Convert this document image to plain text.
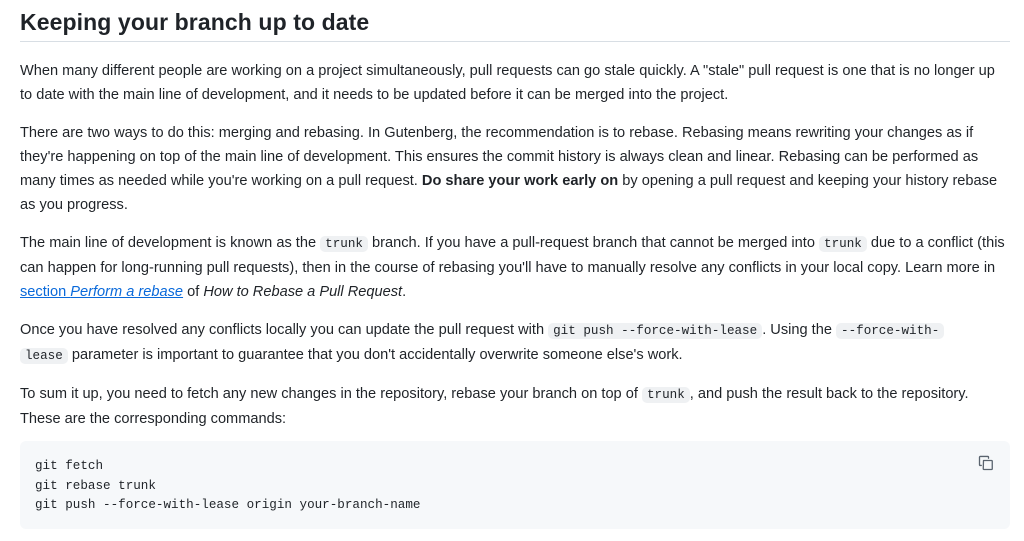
Keeping your branch up to date

When many different people are working on a project simultaneously, pull requests can go stale quickly. A "stale" pull request is one that is no longer up to date with the main line of development, and it needs to be updated before it can be merged into the project.

There are two ways to do this: merging and rebasing. In Gutenberg, the recommendation is to rebase. Rebasing means rewriting your changes as if they're happening on top of the main line of development. This ensures the commit history is always clean and linear. Rebasing can be performed as many times as needed while you're working on a pull request. Do share your work early on by opening a pull request and keeping your history rebase as you progress.

The main line of development is known as the trunk branch. If you have a pull-request branch that cannot be merged into trunk due to a conflict (this can happen for long-running pull requests), then in the course of rebasing you'll have to manually resolve any conflicts in your local copy. Learn more in section Perform a rebase of How to Rebase a Pull Request.

Once you have resolved any conflicts locally you can update the pull request with git push --force-with-lease . Using the --force-with-
lease parameter is important to guarantee that you don't accidentally overwrite someone else's work.

To sum it up, you need to fetch any new changes in the repository, rebase your branch on top of trunk , and push the result back to the repository. These are the corresponding commands:

git fetch
git rebase trunk
git push --force-with-lease origin your-branch-name
